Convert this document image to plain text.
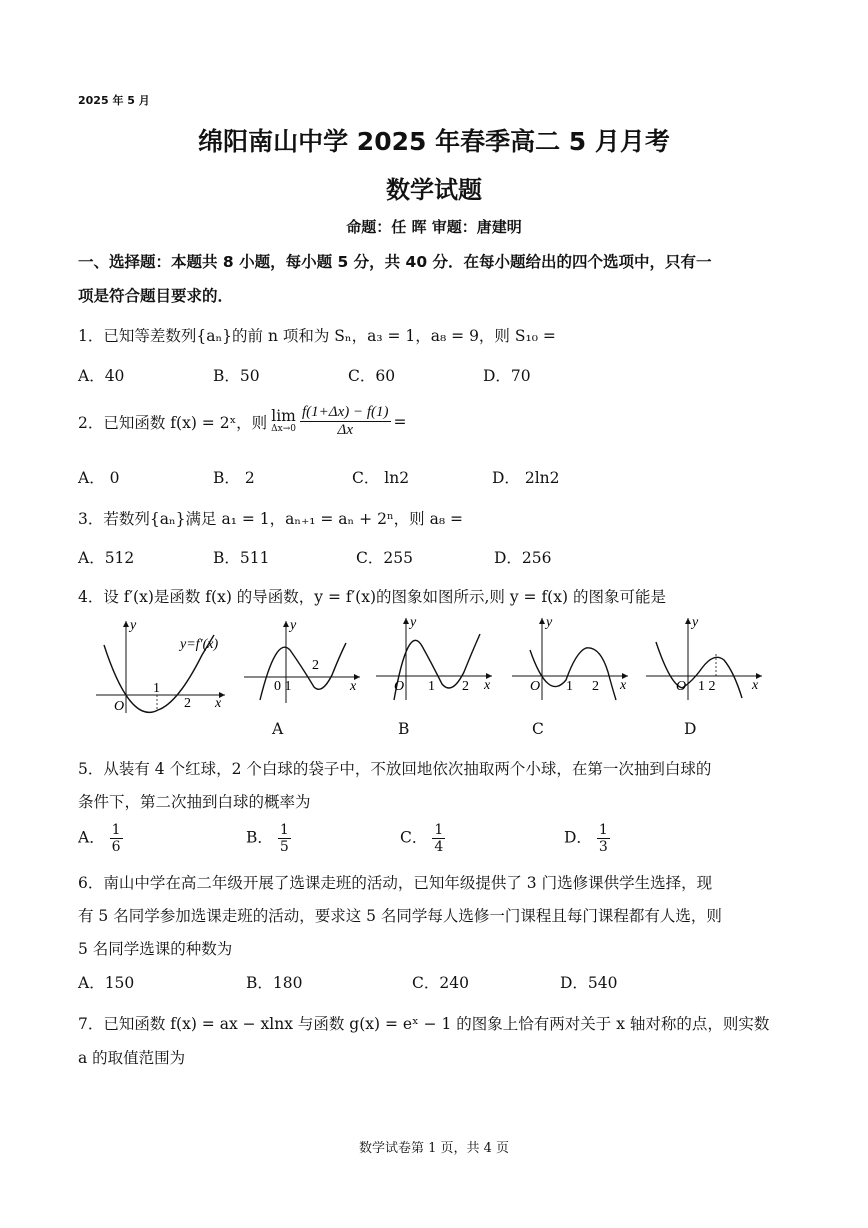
2025 年 5 月
绵阳南山中学 2025 年春季高二 5 月月考
数学试题
命题：任 晖 审题：唐建明
一、选择题：本题共 8 小题，每小题 5 分，共 40 分．在每小题给出的四个选项中，只有一
项是符合题目要求的．
1．已知等差数列{aₙ}的前 n 项和为 Sₙ，a₃ = 1，a₈ = 9，则 S₁₀ =
A．40	B．50	C．60	D．70
2．已知函数 f(x) = 2ˣ，则 lim
$\Delta x\to 0 \frac{f(1+\Delta x) - f(1)}{\Delta x}$ =
A． 0	B． 2	C． ln2	D． 2ln2
3．若数列{aₙ}满足 a₁ = 1，aₙ₊₁ = aₙ + 2ⁿ，则 a₈ =
A．512	B．511	C．255	D．256
4．设 f′(x)是函数 f(x) 的导函数，y = f′(x)的图象如图所示,则 y = f(x) 的图象可能是
y
x
O
1
2
y=f′(x)
y
x
0 1
2
y
x
O 1 2
y
x
O 1 2
y
x
O 1 2
A	B	C	D
5．从装有 4 个红球，2 个白球的袋子中，不放回地依次抽取两个小球，在第一次抽到白球的
条件下，第二次抽到白球的概率为
A． $\frac{1}{6}$	B． $\frac{1}{5}$	C． $\frac{1}{4}$	D． $\frac{1}{3}$
6．南山中学在高二年级开展了选课走班的活动，已知年级提供了 3 门选修课供学生选择，现
有 5 名同学参加选课走班的活动，要求这 5 名同学每人选修一门课程且每门课程都有人选，则
5 名同学选课的种数为
A．150	B．180	C．240	D．540
7．已知函数 f(x) = ax − xlnx 与函数 g(x) = eˣ − 1 的图象上恰有两对关于 x 轴对称的点，则实数
a 的取值范围为
数学试卷第 1 页，共 4 页
